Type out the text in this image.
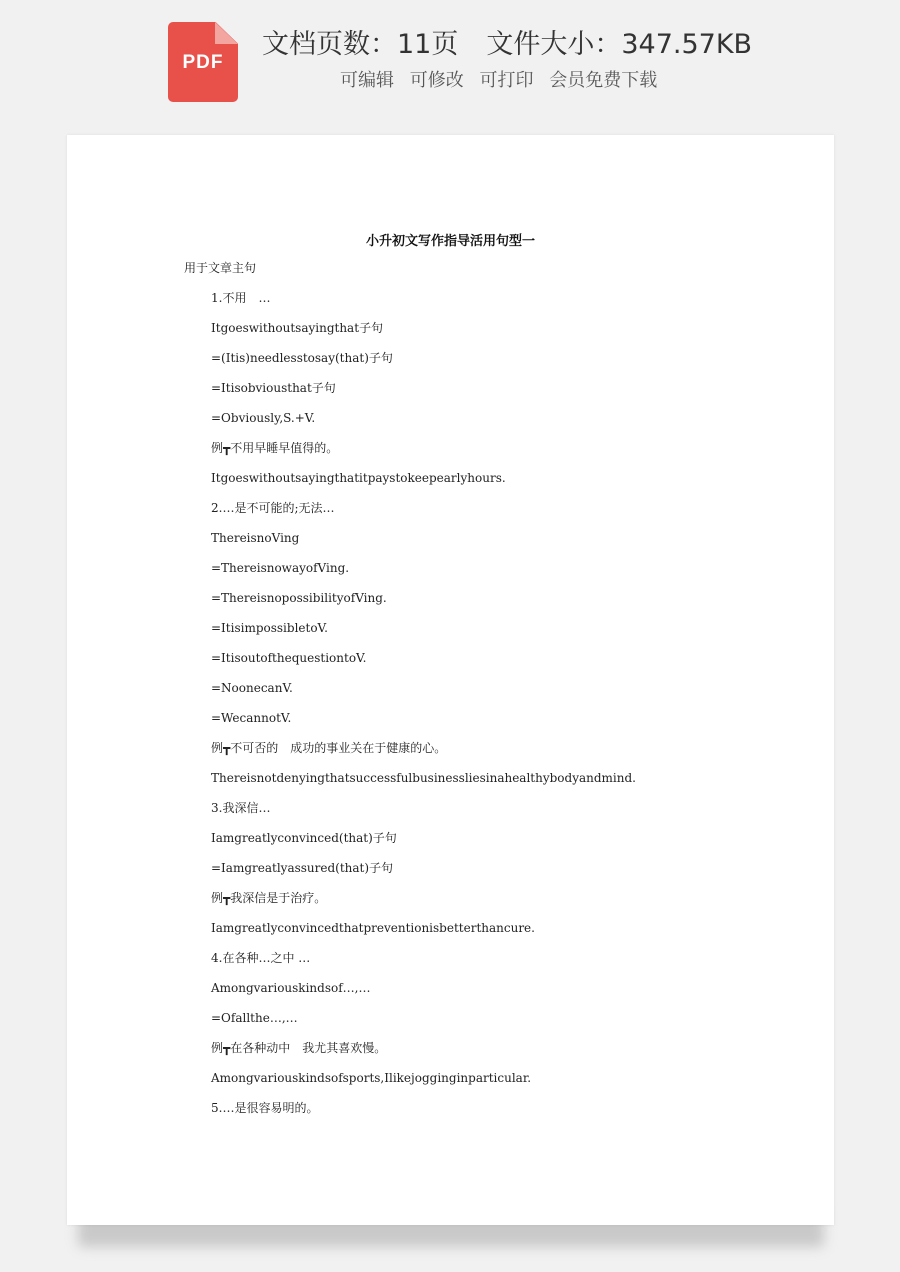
PDF
文档页数：11页 文件大小：347.57KB
可编辑 可修改 可打印 会员免费下载
小升初文写作指导活用句型一
用于文章主句
1.不用　…
Itgoeswithoutsayingthat子句
=(Itis)needlesstosay(that)子句
=Itisobviousthat子句
=Obviously,S.+V.
例┳不用早睡早值得的。
Itgoeswithoutsayingthatitpaystokeepearlyhours.
2.…是不可能的;无法…
ThereisnoVing
=ThereisnowayofVing.
=ThereisnopossibilityofVing.
=ItisimpossibletoV.
=ItisoutofthequestiontoV.
=NoonecanV.
=WecannotV.
例┳不可否的　成功的事业关在于健康的心。
Thereisnotdenyingthatsuccessfulbusinessliesinahealthybodyandmind.
3.我深信…
Iamgreatlyconvinced(that)子句
=Iamgreatlyassured(that)子句
例┳我深信是于治疗。
Iamgreatlyconvincedthatpreventionisbetterthancure.
4.在各种…之中 …
Amongvariouskindsof…,…
=Ofallthe…,…
例┳在各种动中　我尤其喜欢慢。
Amongvariouskindsofsports,Ilikejogginginparticular.
5.…是很容易明的。
